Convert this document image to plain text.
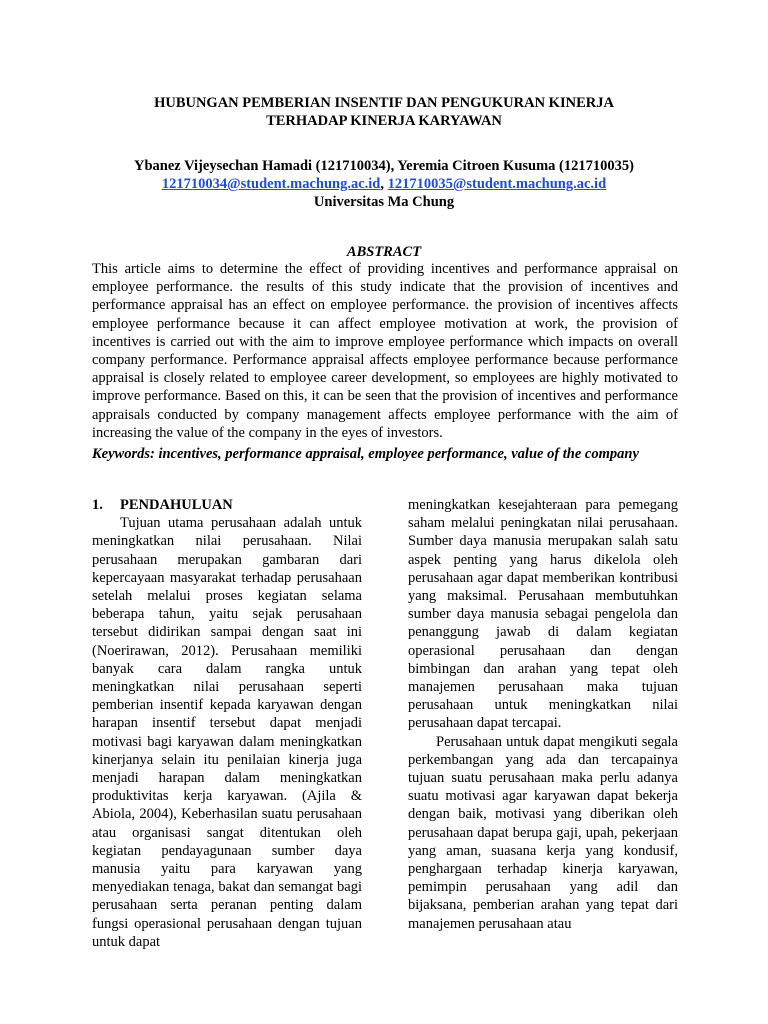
HUBUNGAN PEMBERIAN INSENTIF DAN PENGUKURAN KINERJA
TERHADAP KINERJA KARYAWAN
Ybanez Vijeysechan Hamadi (121710034), Yeremia Citroen Kusuma (121710035)
121710034@student.machung.ac.id, 121710035@student.machung.ac.id
Universitas Ma Chung
ABSTRACT
This article aims to determine the effect of providing incentives and performance appraisal on employee performance. the results of this study indicate that the provision of incentives and performance appraisal has an effect on employee performance. the provision of incentives affects employee performance because it can affect employee motivation at work, the provision of incentives is carried out with the aim to improve employee performance which impacts on overall company performance. Performance appraisal affects employee performance because performance appraisal is closely related to employee career development, so employees are highly motivated to improve performance. Based on this, it can be seen that the provision of incentives and performance appraisals conducted by company management affects employee performance with the aim of increasing the value of the company in the eyes of investors.
Keywords: incentives, performance appraisal, employee performance, value of the company

1. PENDAHULUAN

Tujuan utama perusahaan adalah untuk meningkatkan nilai perusahaan. Nilai perusahaan merupakan gambaran dari kepercayaan masyarakat terhadap perusahaan setelah melalui proses kegiatan selama beberapa tahun, yaitu sejak perusahaan tersebut didirikan sampai dengan saat ini (Noerirawan, 2012). Perusahaan memiliki banyak cara dalam rangka untuk meningkatkan nilai perusahaan seperti pemberian insentif kepada karyawan dengan harapan insentif tersebut dapat menjadi motivasi bagi karyawan dalam meningkatkan kinerjanya selain itu penilaian kinerja juga menjadi harapan dalam meningkatkan produktivitas kerja karyawan. (Ajila & Abiola, 2004), Keberhasilan suatu perusahaan atau organisasi sangat ditentukan oleh kegiatan pendayagunaan sumber daya manusia yaitu para karyawan yang menyediakan tenaga, bakat dan semangat bagi perusahaan serta peranan penting dalam fungsi operasional perusahaan dengan tujuan untuk dapat

meningkatkan kesejahteraan para pemegang saham melalui peningkatan nilai perusahaan. Sumber daya manusia merupakan salah satu aspek penting yang harus dikelola oleh perusahaan agar dapat memberikan kontribusi yang maksimal. Perusahaan membutuhkan sumber daya manusia sebagai pengelola dan penanggung jawab di dalam kegiatan operasional perusahaan dan dengan bimbingan dan arahan yang tepat oleh manajemen perusahaan maka tujuan perusahaan untuk meningkatkan nilai perusahaan dapat tercapai.

Perusahaan untuk dapat mengikuti segala perkembangan yang ada dan tercapainya tujuan suatu perusahaan maka perlu adanya suatu motivasi agar karyawan dapat bekerja dengan baik, motivasi yang diberikan oleh perusahaan dapat berupa gaji, upah, pekerjaan yang aman, suasana kerja yang kondusif, penghargaan terhadap kinerja karyawan, pemimpin perusahaan yang adil dan bijaksana, pemberian arahan yang tepat dari manajemen perusahaan atau
